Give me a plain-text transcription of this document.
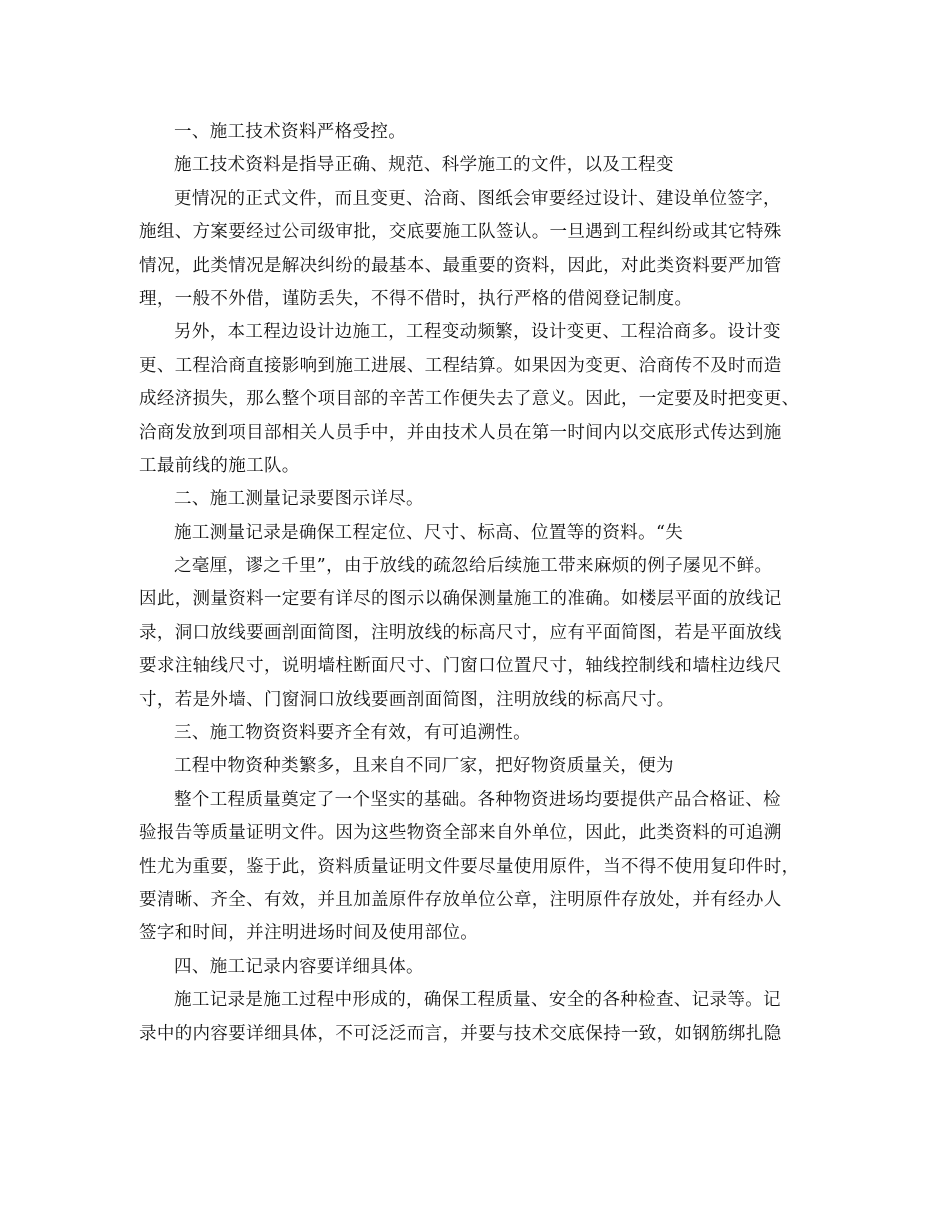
一、施工技术资料严格受控。
施工技术资料是指导正确、规范、科学施工的文件，以及工程变
更情况的正式文件，而且变更、洽商、图纸会审要经过设计、建设单位签字，
施组、方案要经过公司级审批，交底要施工队签认。一旦遇到工程纠纷或其它特殊
情况，此类情况是解决纠纷的最基本、最重要的资料，因此，对此类资料要严加管
理，一般不外借，谨防丢失，不得不借时，执行严格的借阅登记制度。
另外，本工程边设计边施工，工程变动频繁，设计变更、工程洽商多。设计变
更、工程洽商直接影响到施工进展、工程结算。如果因为变更、洽商传不及时而造
成经济损失，那么整个项目部的辛苦工作便失去了意义。因此，一定要及时把变更、
洽商发放到项目部相关人员手中，并由技术人员在第一时间内以交底形式传达到施
工最前线的施工队。
二、施工测量记录要图示详尽。
施工测量记录是确保工程定位、尺寸、标高、位置等的资料。“失
之毫厘，谬之千里”，由于放线的疏忽给后续施工带来麻烦的例子屡见不鲜。
因此，测量资料一定要有详尽的图示以确保测量施工的准确。如楼层平面的放线记
录，洞口放线要画剖面简图，注明放线的标高尺寸，应有平面简图，若是平面放线
要求注轴线尺寸，说明墙柱断面尺寸、门窗口位置尺寸，轴线控制线和墙柱边线尺
寸，若是外墙、门窗洞口放线要画剖面简图，注明放线的标高尺寸。
三、施工物资资料要齐全有效，有可追溯性。
工程中物资种类繁多，且来自不同厂家，把好物资质量关，便为
整个工程质量奠定了一个坚实的基础。各种物资进场均要提供产品合格证、检
验报告等质量证明文件。因为这些物资全部来自外单位，因此，此类资料的可追溯
性尤为重要，鉴于此，资料质量证明文件要尽量使用原件，当不得不使用复印件时，
要清晰、齐全、有效，并且加盖原件存放单位公章，注明原件存放处，并有经办人
签字和时间，并注明进场时间及使用部位。
四、施工记录内容要详细具体。
施工记录是施工过程中形成的，确保工程质量、安全的各种检查、记录等。记
录中的内容要详细具体，不可泛泛而言，并要与技术交底保持一致，如钢筋绑扎隐
